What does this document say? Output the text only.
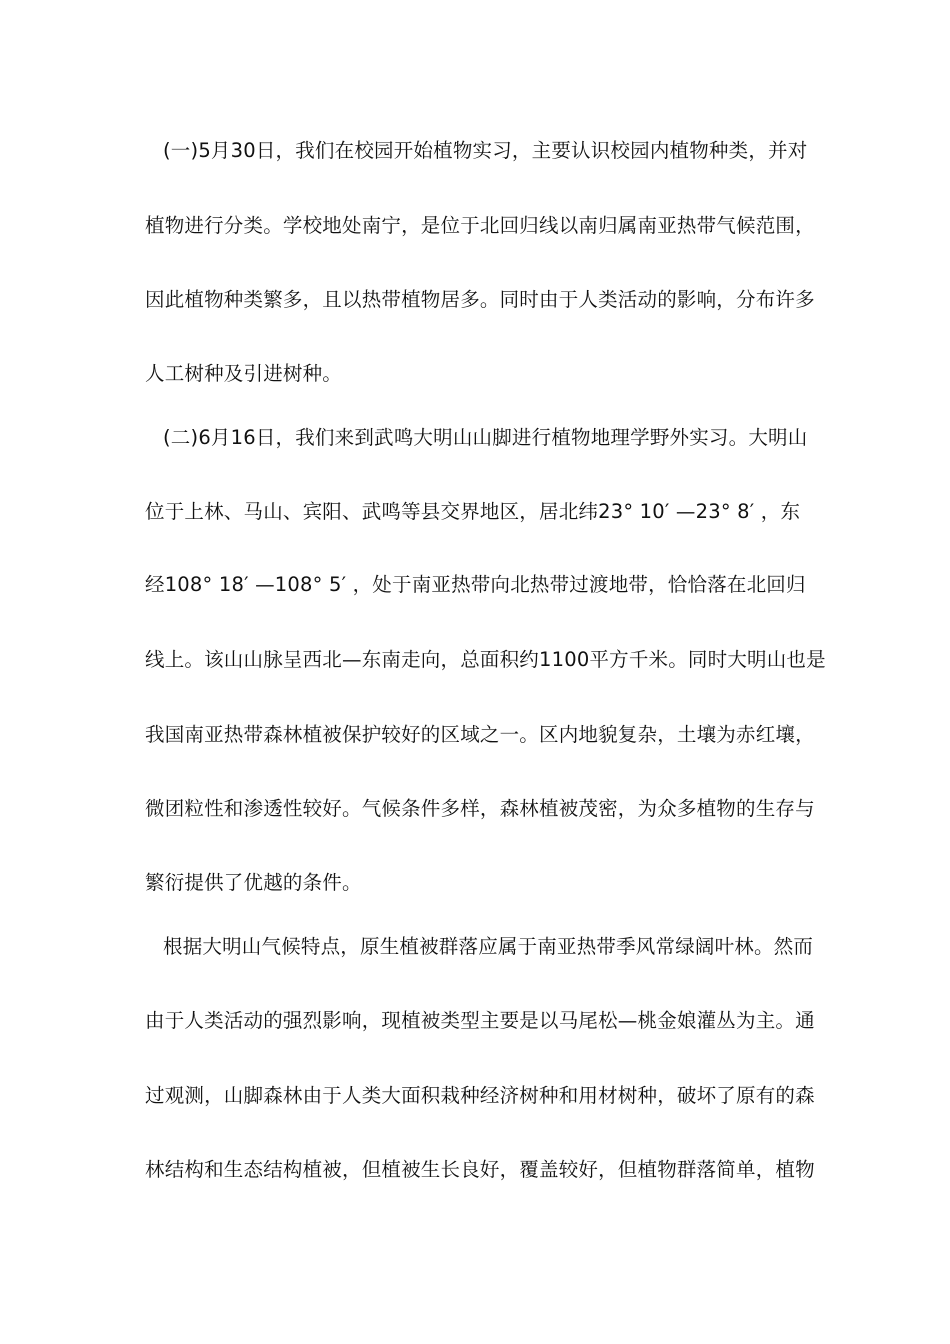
(一)5月30日，我们在校园开始植物实习，主要认识校园内植物种类，并对
植物进行分类。学校地处南宁，是位于北回归线以南归属南亚热带气候范围，
因此植物种类繁多，且以热带植物居多。同时由于人类活动的影响，分布许多
人工树种及引进树种。
(二)6月16日，我们来到武鸣大明山山脚进行植物地理学野外实习。大明山
位于上林、马山、宾阳、武鸣等县交界地区，居北纬23° 10′ —23° 8′ ，东
经108° 18′ —108° 5′ ，处于南亚热带向北热带过渡地带，恰恰落在北回归
线上。该山山脉呈西北—东南走向，总面积约1100平方千米。同时大明山也是
我国南亚热带森林植被保护较好的区域之一。区内地貌复杂，土壤为赤红壤，
微团粒性和渗透性较好。气候条件多样，森林植被茂密，为众多植物的生存与
繁衍提供了优越的条件。
根据大明山气候特点，原生植被群落应属于南亚热带季风常绿阔叶林。然而
由于人类活动的强烈影响，现植被类型主要是以马尾松—桃金娘灌丛为主。通
过观测，山脚森林由于人类大面积栽种经济树种和用材树种，破坏了原有的森
林结构和生态结构植被，但植被生长良好，覆盖较好，但植物群落简单，植物
